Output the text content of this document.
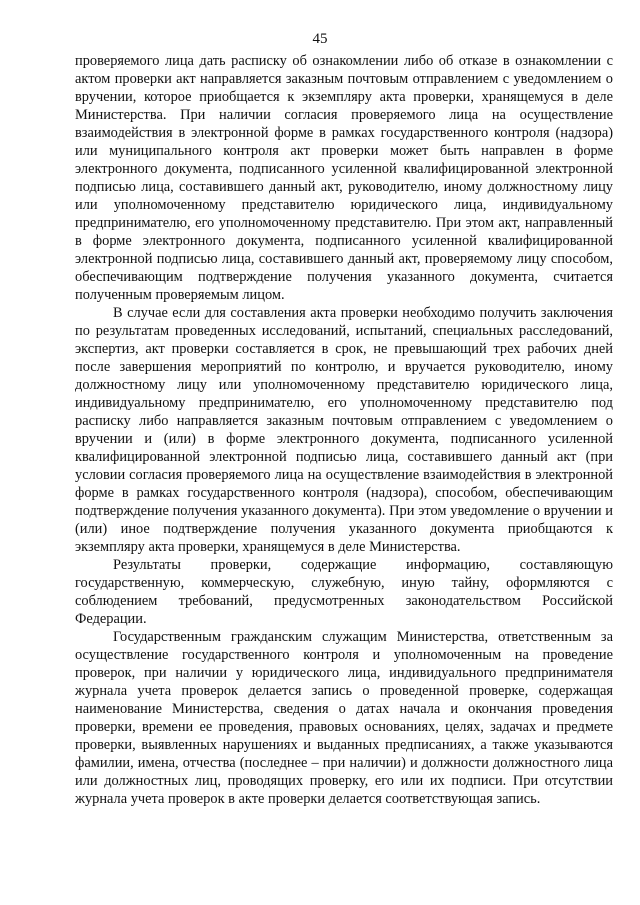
45

проверяемого лица дать расписку об ознакомлении либо об отказе в ознакомлении с актом проверки акт направляется заказным почтовым отправлением с уведомлением о вручении, которое приобщается к экземпляру акта проверки, хранящемуся в деле Министерства. При наличии согласия проверяемого лица на осуществление взаимодействия в электронной форме в рамках государственного контроля (надзора) или муниципального контроля акт проверки может быть направлен в форме электронного документа, подписанного усиленной квалифицированной электронной подписью лица, составившего данный акт, руководителю, иному должностному лицу или уполномоченному представителю юридического лица, индивидуальному предпринимателю, его уполномоченному представителю. При этом акт, направленный в форме электронного документа, подписанного усиленной квалифицированной электронной подписью лица, составившего данный акт, проверяемому лицу способом, обеспечивающим подтверждение получения указанного документа, считается полученным проверяемым лицом.

В случае если для составления акта проверки необходимо получить заключения по результатам проведенных исследований, испытаний, специальных расследований, экспертиз, акт проверки составляется в срок, не превышающий трех рабочих дней после завершения мероприятий по контролю, и вручается руководителю, иному должностному лицу или уполномоченному представителю юридического лица, индивидуальному предпринимателю, его уполномоченному представителю под расписку либо направляется заказным почтовым отправлением с уведомлением о вручении и (или) в форме электронного документа, подписанного усиленной квалифицированной электронной подписью лица, составившего данный акт (при условии согласия проверяемого лица на осуществление взаимодействия в электронной форме в рамках государственного контроля (надзора), способом, обеспечивающим подтверждение получения указанного документа). При этом уведомление о вручении и (или) иное подтверждение получения указанного документа приобщаются к экземпляру акта проверки, хранящемуся в деле Министерства.

Результаты проверки, содержащие информацию, составляющую государственную, коммерческую, служебную, иную тайну, оформляются с соблюдением требований, предусмотренных законодательством Российской Федерации.

Государственным гражданским служащим Министерства, ответственным за осуществление государственного контроля и уполномоченным на проведение проверок, при наличии у юридического лица, индивидуального предпринимателя журнала учета проверок делается запись о проведенной проверке, содержащая наименование Министерства, сведения о датах начала и окончания проведения проверки, времени ее проведения, правовых основаниях, целях, задачах и предмете проверки, выявленных нарушениях и выданных предписаниях, а также указываются фамилии, имена, отчества (последнее – при наличии) и должности должностного лица или должностных лиц, проводящих проверку, его или их подписи. При отсутствии журнала учета проверок в акте проверки делается соответствующая запись.
